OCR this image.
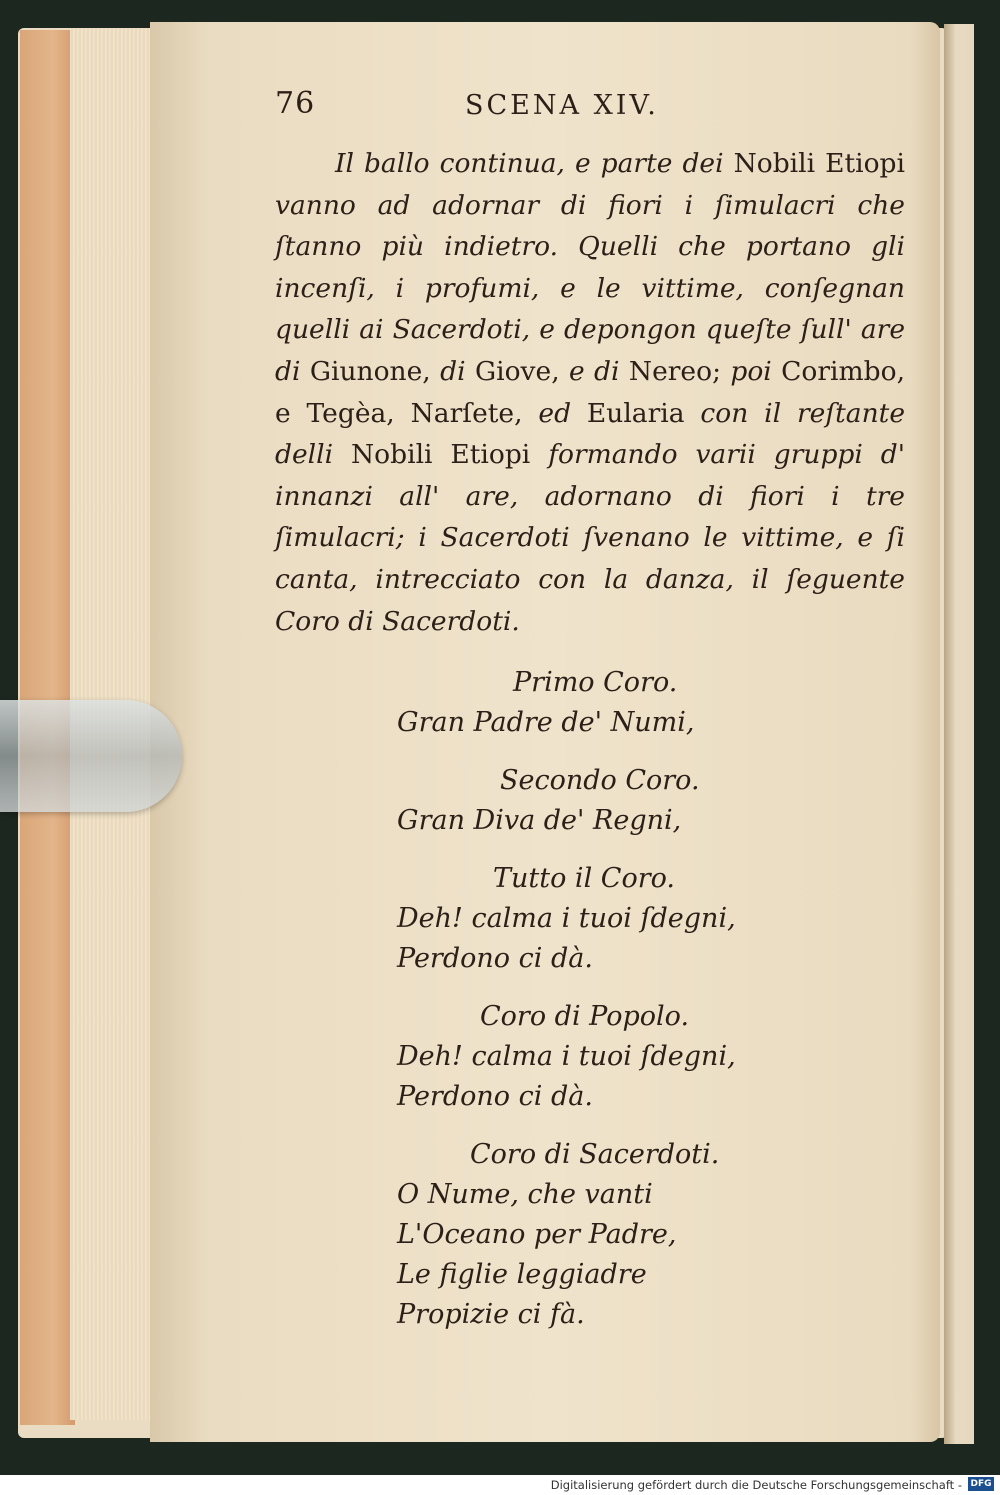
76	SCENA XIV.

Il ballo continua, e parte dei Nobili Etiopi vanno ad adornar di fiori i ſimulacri che ſtanno più indietro. Quelli che portano gli incenſi, i profumi, e le vittime, conſegnan quelli ai Sacerdoti, e depongon queſte ſull' are di Giunone, di Giove, e di Nereo; poi Corimbo, e Tegèa, Narſete, ed Eularia con il reſtante delli Nobili Etiopi formando varii gruppi d' innanzi all' are, adornano di fiori i tre ſimulacri; i Sacerdoti ſvenano le vittime, e ſi canta, intrecciato con la danza, il ſeguente Coro di Sacerdoti.

Primo Coro.
Gran Padre de' Numi,
Secondo Coro.
Gran Diva de' Regni,
Tutto il Coro.
Deh! calma i tuoi ſdegni,
Perdono ci dà.
Coro di Popolo.
Deh! calma i tuoi ſdegni,
Perdono ci dà.
Coro di Sacerdoti.
O Nume, che vanti
L'Oceano per Padre,
Le figlie leggiadre
Propizie ci fà.
Digitalisierung gefördert durch die Deutsche Forschungsgemeinschaft - DFG
